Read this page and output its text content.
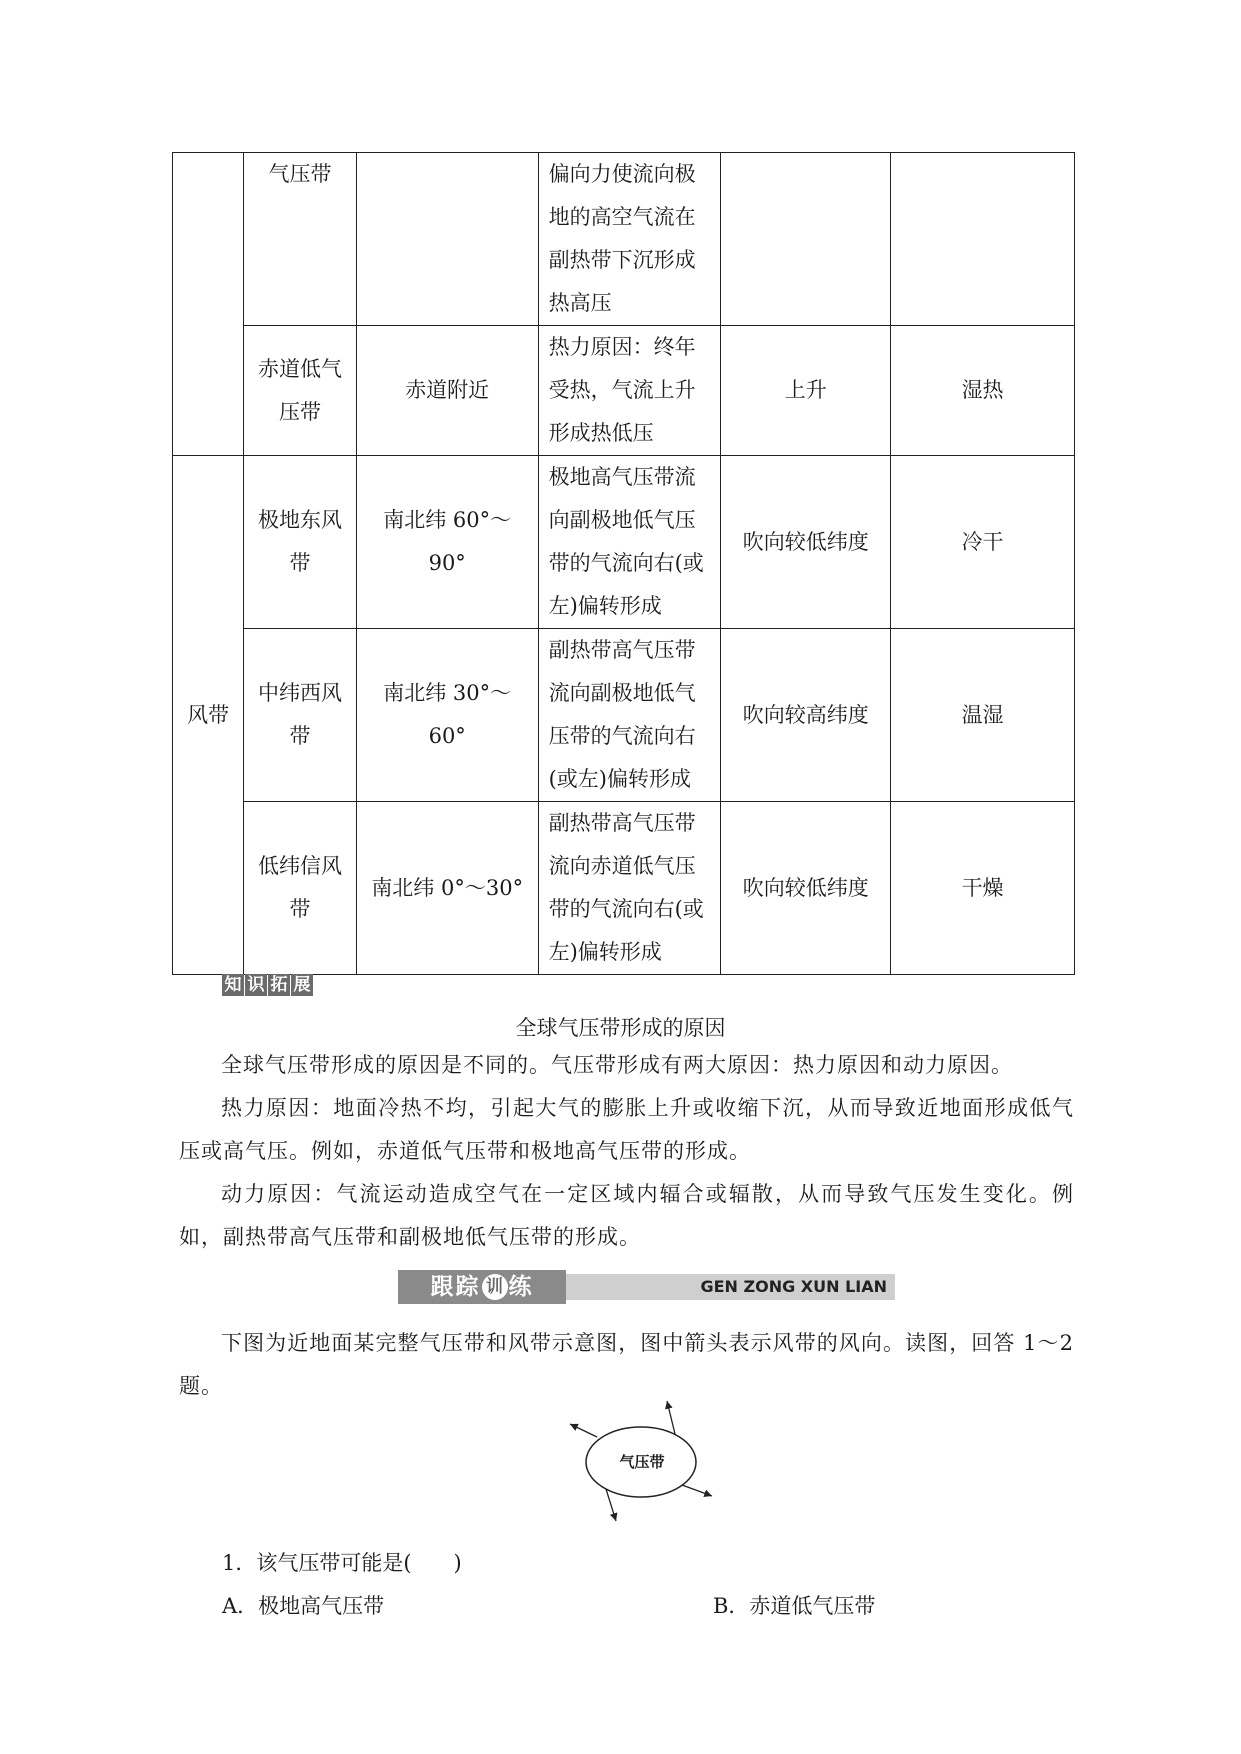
	气压带		偏向力使流向极地的高空气流在副热带下沉形成热高压		
	赤道低气压带	赤道附近	热力原因：终年受热，气流上升形成热低压	上升	湿热
风带	极地东风带	南北纬 60°～90°	极地高气压带流向副极地低气压带的气流向右(或左)偏转形成	吹向较低纬度	冷干
	中纬西风带	南北纬 30°～60°	副热带高气压带流向副极地低气压带的气流向右(或左)偏转形成	吹向较高纬度	温湿
	低纬信风带	南北纬 0°～30°	副热带高气压带流向赤道低气压带的气流向右(或左)偏转形成	吹向较低纬度	干燥
知 识 拓 展
全球气压带形成的原因
全球气压带形成的原因是不同的。气压带形成有两大原因：热力原因和动力原因。
热力原因：地面冷热不均，引起大气的膨胀上升或收缩下沉，从而导致近地面形成低气压或高气压。例如，赤道低气压带和极地高气压带的形成。
动力原因：气流运动造成空气在一定区域内辐合或辐散，从而导致气压发生变化。例如，副热带高气压带和副极地低气压带的形成。
跟踪 训 练	GEN ZONG XUN LIAN
下图为近地面某完整气压带和风带示意图，图中箭头表示风带的风向。读图，回答 1～2 题。
气压带
1．该气压带可能是(　　)
A．极地高气压带	B．赤道低气压带
